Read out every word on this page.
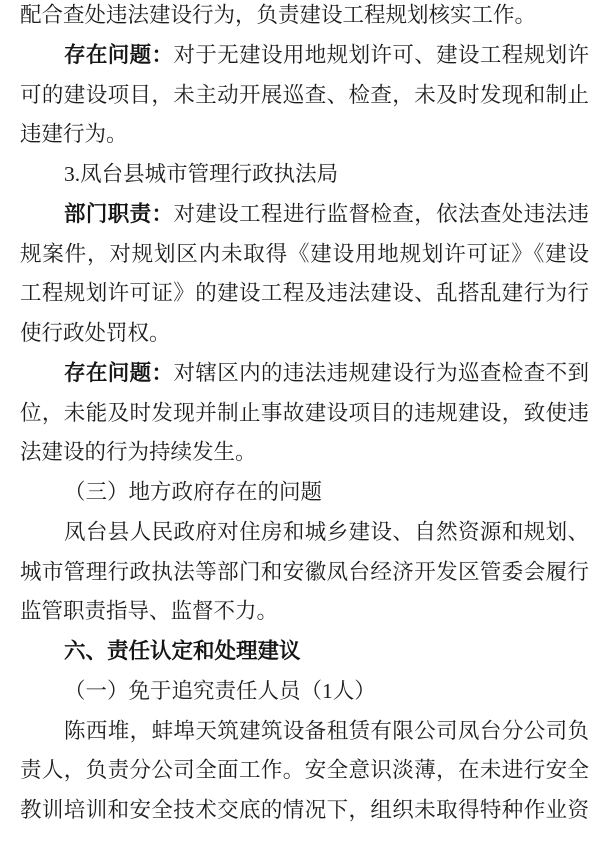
配合查处违法建设行为，负责建设工程规划核实工作。

存在问题：对于无建设用地规划许可、建设工程规划许可的建设项目，未主动开展巡查、检查，未及时发现和制止违建行为。

3.凤台县城市管理行政执法局

部门职责：对建设工程进行监督检查，依法查处违法违规案件，对规划区内未取得《建设用地规划许可证》《建设工程规划许可证》的建设工程及违法建设、乱搭乱建行为行使行政处罚权。

存在问题：对辖区内的违法违规建设行为巡查检查不到位，未能及时发现并制止事故建设项目的违规建设，致使违法建设的行为持续发生。

（三）地方政府存在的问题

凤台县人民政府对住房和城乡建设、自然资源和规划、城市管理行政执法等部门和安徽凤台经济开发区管委会履行监管职责指导、监督不力。

六、责任认定和处理建议

（一）免于追究责任人员（1人）

陈西堆，蚌埠天筑建筑设备租赁有限公司凤台分公司负责人，负责分公司全面工作。安全意识淡薄，在未进行安全教训培训和安全技术交底的情况下，组织未取得特种作业资
